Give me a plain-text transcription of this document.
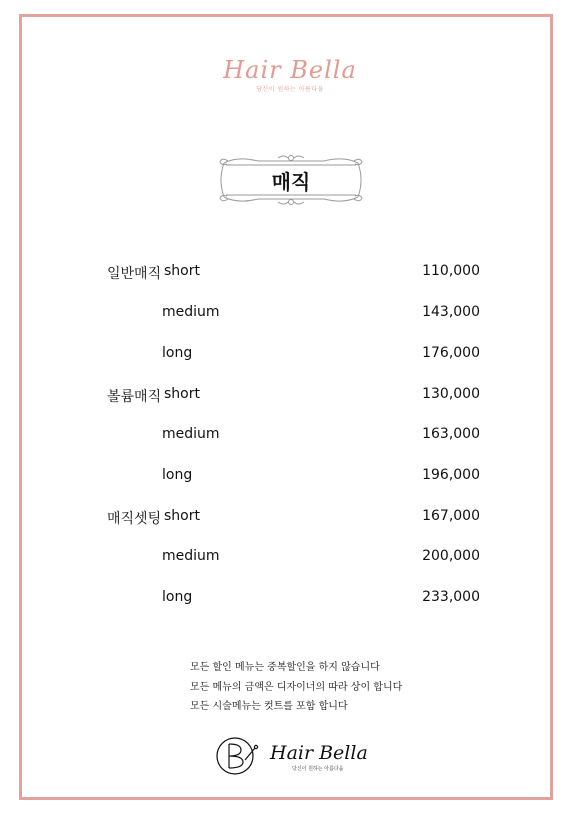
Hair Bella
당신이 원하는 아름다움
매직
일반매직 short	110,000
medium	143,000
long	176,000
볼륨매직 short	130,000
medium	163,000
long	196,000
매직셋팅 short	167,000
medium	200,000
long	233,000
모든 할인 메뉴는 중복할인을 하지 않습니다
모든 메뉴의 금액은 디자이너의 따라 상이 합니다
모든 시술메뉴는 컷트를 포함 합니다
Hair Bella
당신이 원하는 아름다움
